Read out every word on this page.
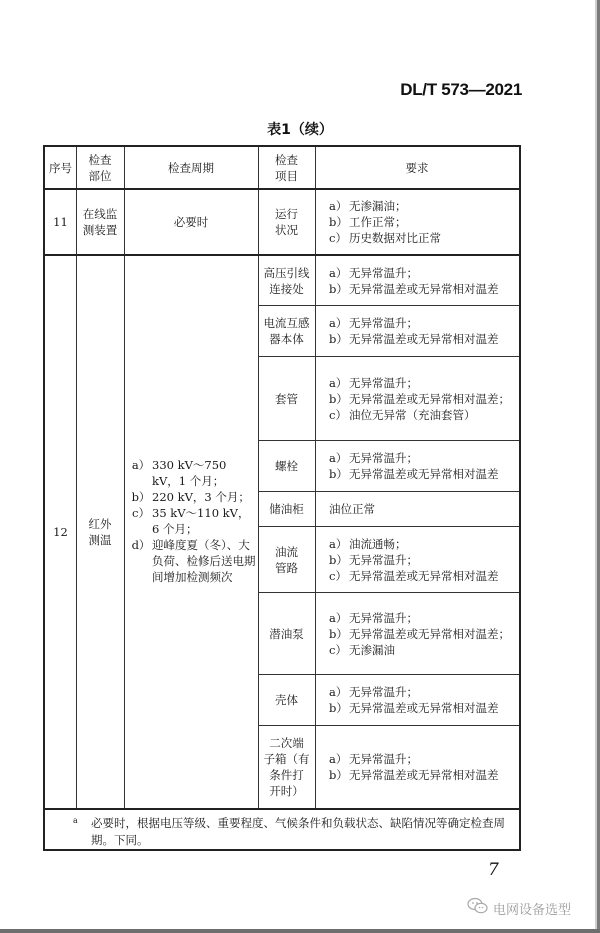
DL/T 573—2021
表1（续）
序号
检查
部位
检查周期
检查
项目
要求
11
在线监
测装置
必要时
运行
状况
a） 无渗漏油；
b） 工作正常；
c） 历史数据对比正常
12
红外
测温
a） 330 kV～750 kV，1 个月；
b） 220 kV，3 个月；
c） 35 kV～110 kV，6 个月；
d） 迎峰度夏（冬）、大负荷、检修后送电期间增加检测频次
高压引线
连接处
a） 无异常温升；
b） 无异常温差或无异常相对温差
电流互感
器本体
a） 无异常温升；
b） 无异常温差或无异常相对温差
套管
a） 无异常温升；
b） 无异常温差或无异常相对温差；
c） 油位无异常（充油套管）
螺栓
a） 无异常温升；
b） 无异常温差或无异常相对温差
储油柜 油位正常
油流
管路
a） 油流通畅；
b） 无异常温升；
c） 无异常温差或无异常相对温差
潜油泵
a） 无异常温升；
b） 无异常温差或无异常相对温差；
c） 无渗漏油
壳体
a） 无异常温升；
b） 无异常温差或无异常相对温差
二次端
子箱（有
条件打
开时）
a） 无异常温升；
b） 无异常温差或无异常相对温差
a	必要时，根据电压等级、重要程度、气候条件和负载状态、缺陷情况等确定检查周期。下同。
7
电网设备选型
